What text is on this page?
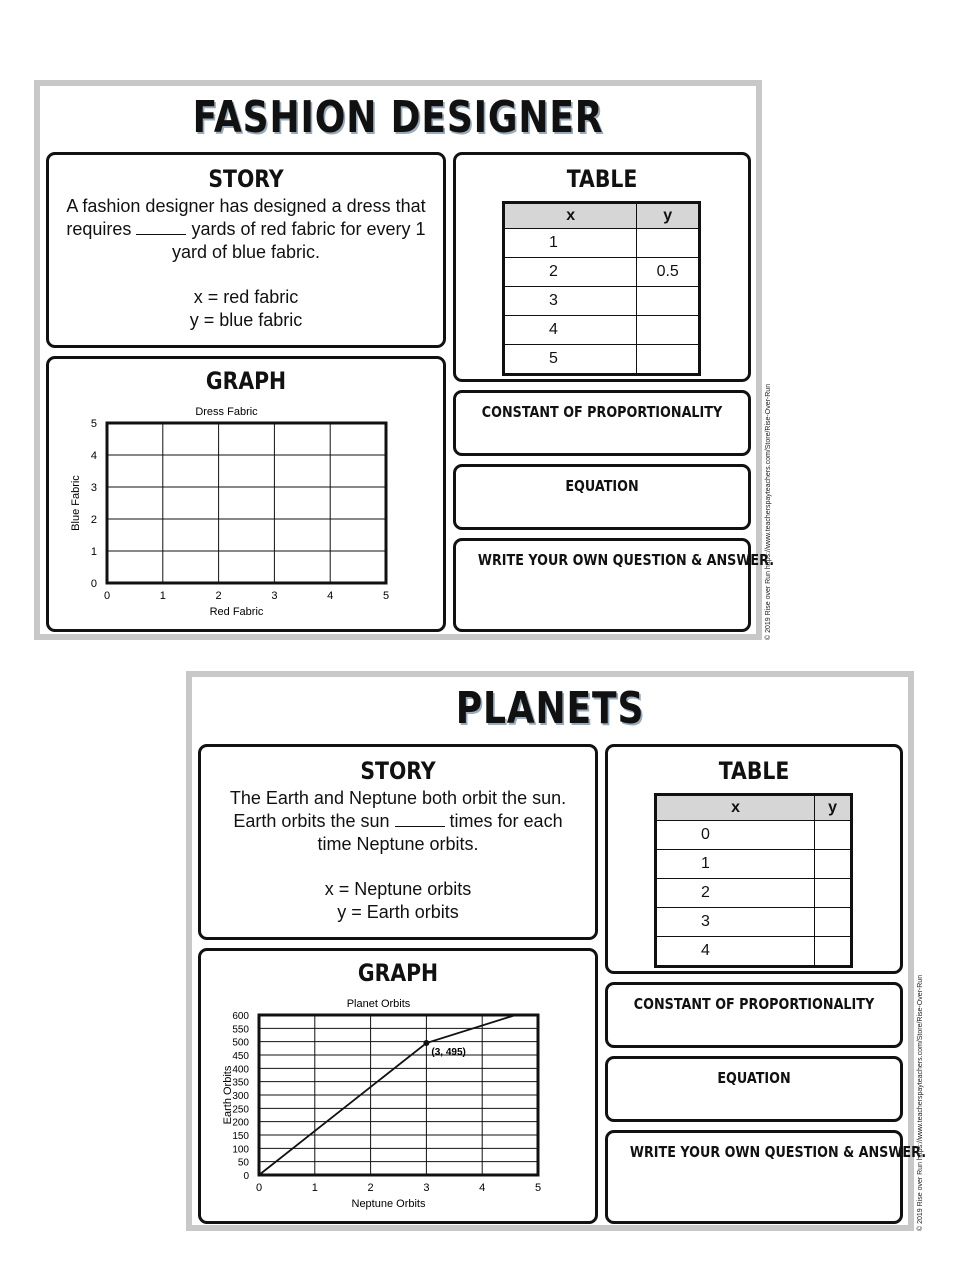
FASHION DESIGNER
STORY
A fashion designer has designed a dress that requires	yards of red fabric for every 1 yard of blue fabric.
x = red fabric
y = blue fabric
TABLE
x	y
1	
2	0.5
3	
4	
5	
GRAPH
Dress Fabric
0	1	2	3	4	5
0
1
2
3
4
5
Red Fabric
Blue Fabric
CONSTANT OF PROPORTIONALITY
EQUATION
WRITE YOUR OWN QUESTION & ANSWER.
© 2019 Rise over Run https://www.teacherspayteachers.com/Store/Rise-Over-Run
PLANETS
STORY
The Earth and Neptune both orbit the sun. Earth orbits the sun	times for each time Neptune orbits.
x = Neptune orbits
y = Earth orbits
TABLE
x	y
0	
1	
2	
3	
4	
GRAPH
Planet Orbits
0	1	2	3	4	5
0
50
100
150
200
250
300
350
400
450
500
550
600
Neptune Orbits
Earth Orbits
(3, 495)
CONSTANT OF PROPORTIONALITY
EQUATION
WRITE YOUR OWN QUESTION & ANSWER.
© 2019 Rise over Run https://www.teacherspayteachers.com/Store/Rise-Over-Run
